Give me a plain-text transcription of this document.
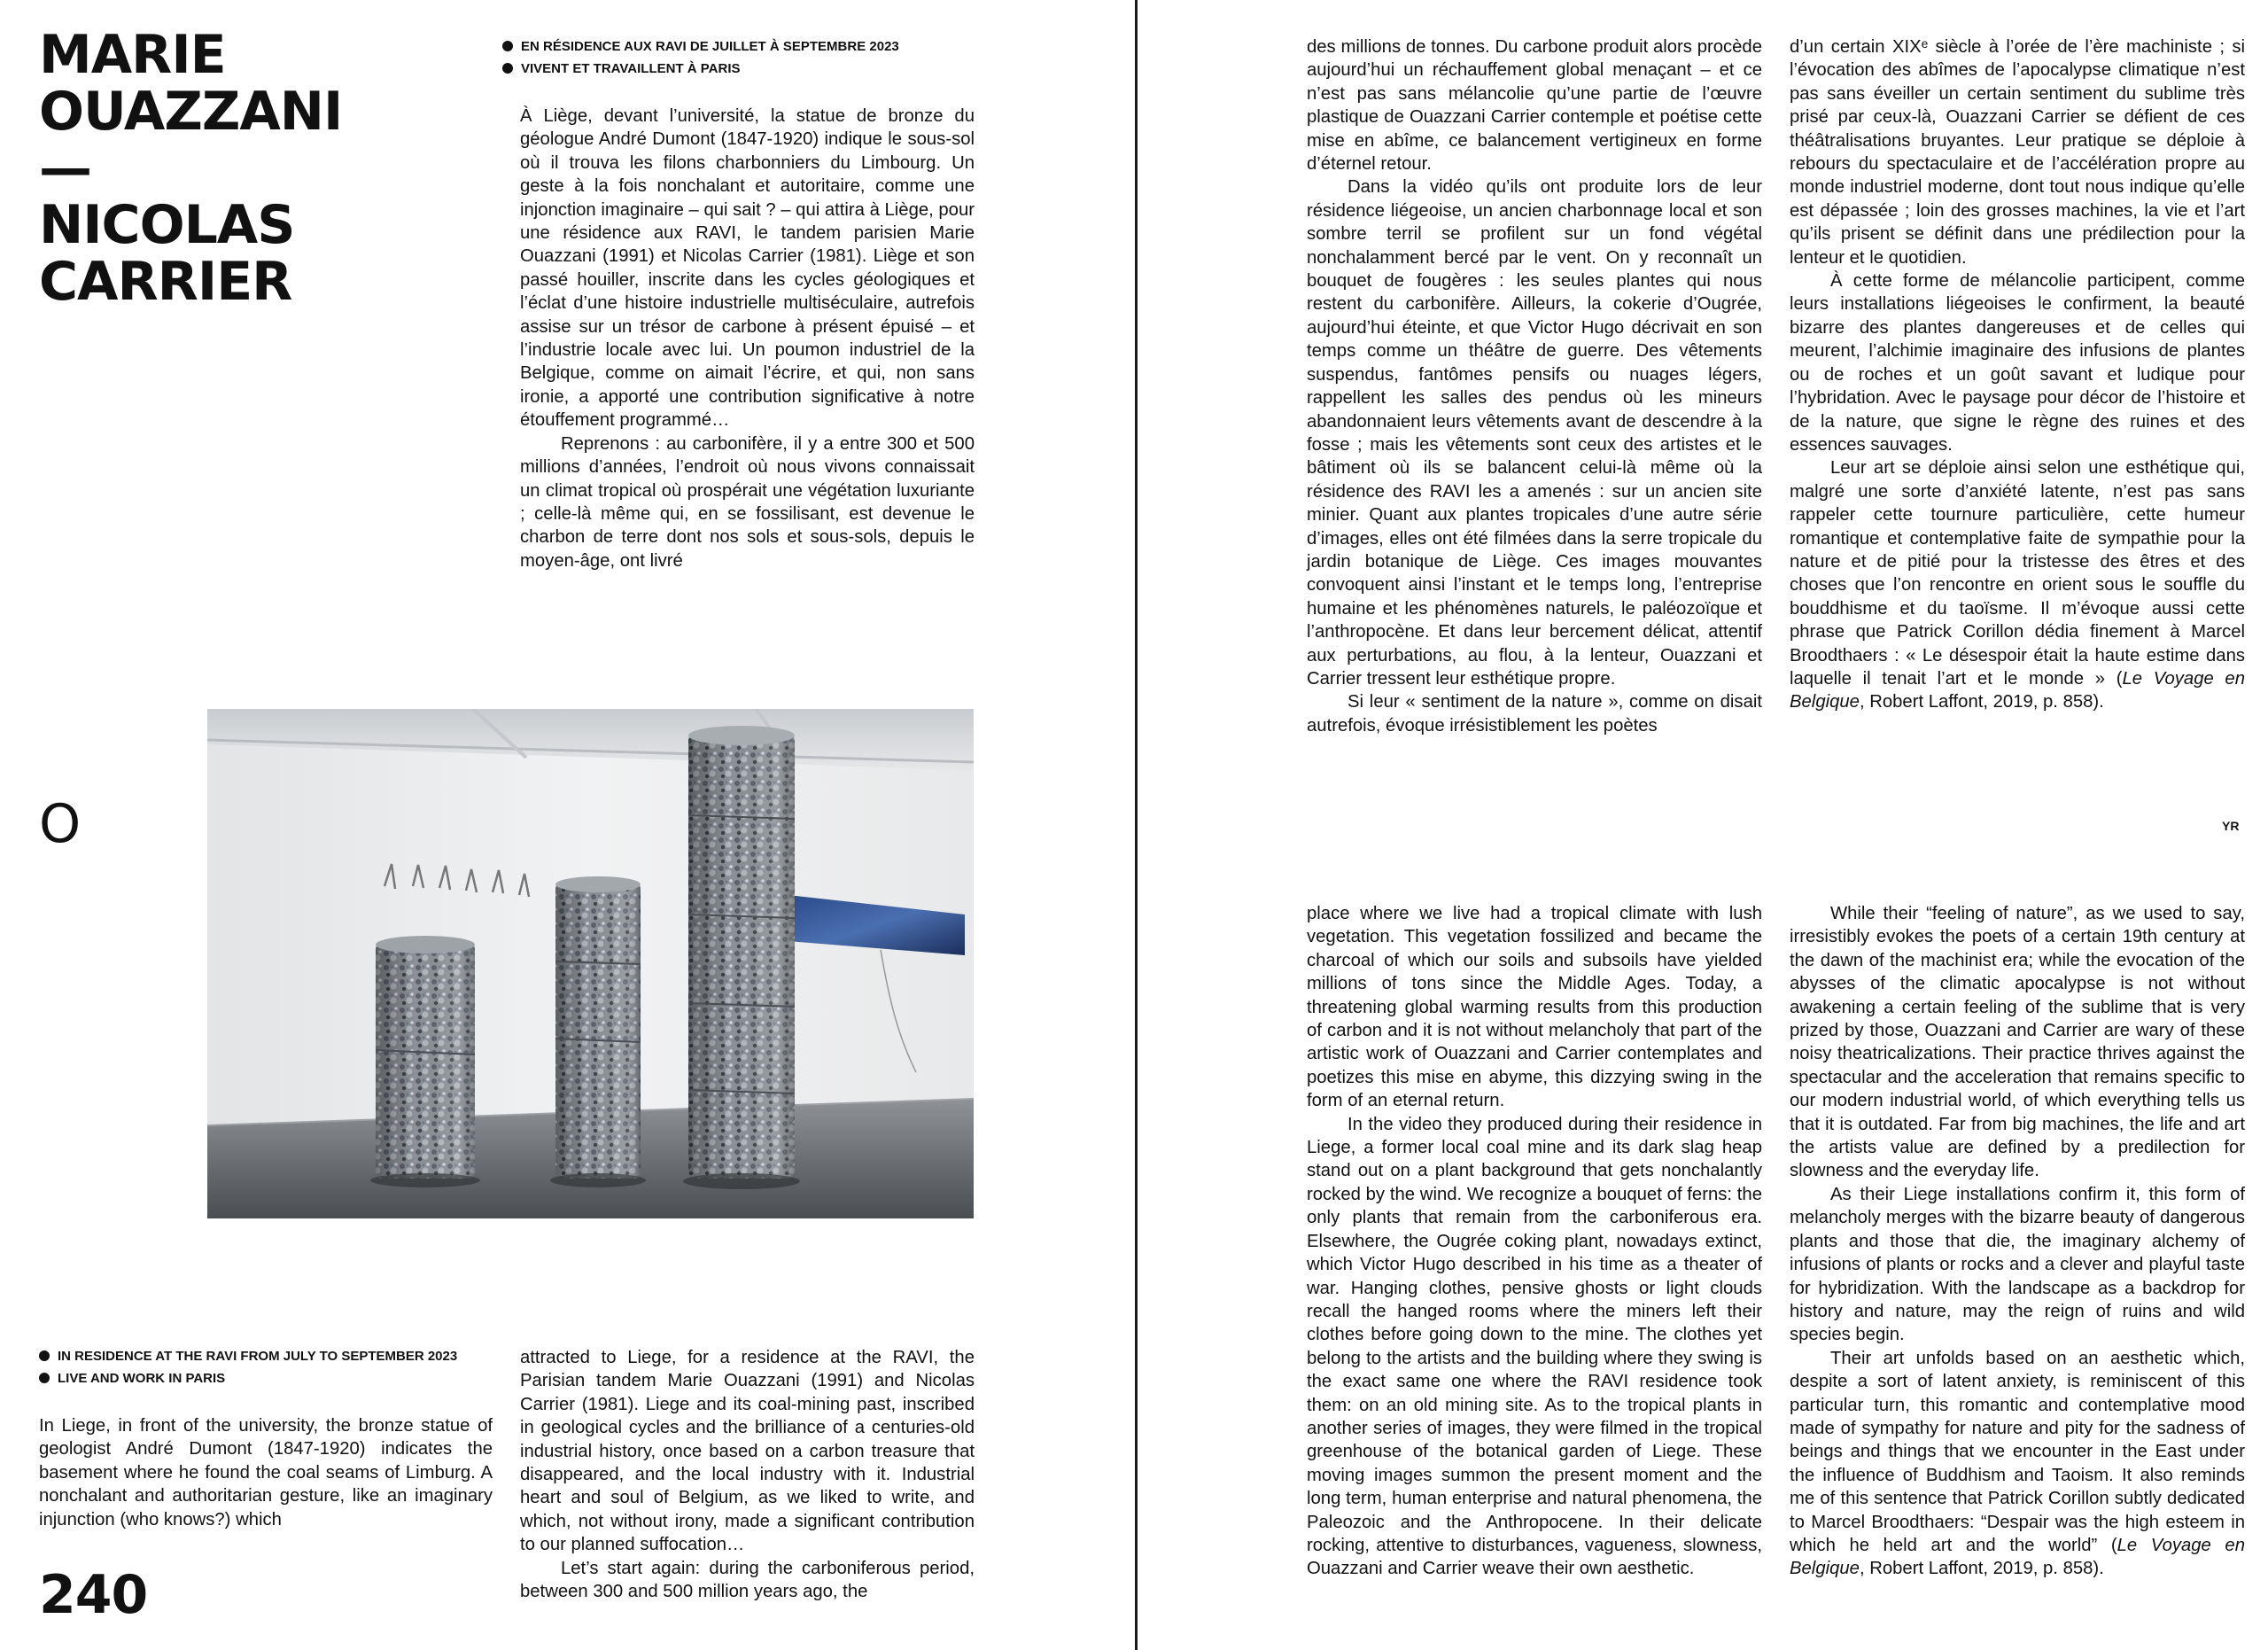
MARIE
OUAZZANI
—
NICOLAS
CARRIER
EN RÉSIDENCE AUX RAVI DE JUILLET À SEPTEMBRE 2023
VIVENT ET TRAVAILLENT À PARIS

À Liège, devant l’université, la statue de bronze du géologue André Dumont (1847-1920) indique le sous-sol où il trouva les filons charbonniers du Limbourg. Un geste à la fois nonchalant et autoritaire, comme une injonction imaginaire – qui sait ? – qui attira à Liège, pour une résidence aux RAVI, le tandem parisien Marie Ouazzani (1991) et Nicolas Carrier (1981). Liège et son passé houiller, inscrite dans les cycles géologiques et l’éclat d’une histoire industrielle multiséculaire, autrefois assise sur un trésor de carbone à présent épuisé – et l’industrie locale avec lui. Un poumon industriel de la Belgique, comme on aimait l’écrire, et qui, non sans ironie, a apporté une contribution significative à notre étouffement programmé…

Reprenons : au carbonifère, il y a entre 300 et 500 millions d’années, l’endroit où nous vivons connaissait un climat tropical où prospérait une végétation luxuriante ; celle-là même qui, en se fossilisant, est devenue le charbon de terre dont nos sols et sous-sols, depuis le moyen-âge, ont livré

O
IN RESIDENCE AT THE RAVI FROM JULY TO SEPTEMBER 2023
LIVE AND WORK IN PARIS

In Liege, in front of the university, the bronze statue of geologist André Dumont (1847-1920) indicates the basement where he found the coal seams of Limburg. A nonchalant and authoritarian gesture, like an imaginary injunction (who knows?) which

attracted to Liege, for a residence at the RAVI, the Parisian tandem Marie Ouazzani (1991) and Nicolas Carrier (1981). Liege and its coal-mining past, inscribed in geological cycles and the brilliance of a centuries-old industrial history, once based on a carbon treasure that disappeared, and the local industry with it. Industrial heart and soul of Belgium, as we liked to write, and which, not without irony, made a significant contribution to our planned suffocation…

Let’s start again: during the carboniferous period, between 300 and 500 million years ago, the

240

des millions de tonnes. Du carbone produit alors procède aujourd’hui un réchauffement global menaçant – et ce n’est pas sans mélancolie qu’une partie de l’œuvre plastique de Ouazzani Carrier contemple et poétise cette mise en abîme, ce balancement vertigineux en forme d’éternel retour.

Dans la vidéo qu’ils ont produite lors de leur résidence liégeoise, un ancien charbonnage local et son sombre terril se profilent sur un fond végétal nonchalamment bercé par le vent. On y reconnaît un bouquet de fougères : les seules plantes qui nous restent du carbonifère. Ailleurs, la cokerie d’Ougrée, aujourd’hui éteinte, et que Victor Hugo décrivait en son temps comme un théâtre de guerre. Des vêtements suspendus, fantômes pensifs ou nuages légers, rappellent les salles des pendus où les mineurs abandonnaient leurs vêtements avant de descendre à la fosse ; mais les vêtements sont ceux des artistes et le bâtiment où ils se balancent celui-là même où la résidence des RAVI les a amenés : sur un ancien site minier. Quant aux plantes tropicales d’une autre série d’images, elles ont été filmées dans la serre tropicale du jardin botanique de Liège. Ces images mouvantes convoquent ainsi l’instant et le temps long, l’entreprise humaine et les phénomènes naturels, le paléozoïque et l’anthropocène. Et dans leur bercement délicat, attentif aux perturbations, au flou, à la lenteur, Ouazzani et Carrier tressent leur esthétique propre.

Si leur « sentiment de la nature », comme on disait autrefois, évoque irrésistiblement les poètes

d’un certain XIXᵉ siècle à l’orée de l’ère machiniste ; si l’évocation des abîmes de l’apocalypse climatique n’est pas sans éveiller un certain sentiment du sublime très prisé par ceux-là, Ouazzani Carrier se défient de ces théâtralisations bruyantes. Leur pratique se déploie à rebours du spectaculaire et de l’accélération propre au monde industriel moderne, dont tout nous indique qu’elle est dépassée ; loin des grosses machines, la vie et l’art qu’ils prisent se définit dans une prédilection pour la lenteur et le quotidien.

À cette forme de mélancolie participent, comme leurs installations liégeoises le confirment, la beauté bizarre des plantes dangereuses et de celles qui meurent, l’alchimie imaginaire des infusions de plantes ou de roches et un goût savant et ludique pour l’hybridation. Avec le paysage pour décor de l’histoire et de la nature, que signe le règne des ruines et des essences sauvages.

Leur art se déploie ainsi selon une esthétique qui, malgré une sorte d’anxiété latente, n’est pas sans rappeler cette tournure particulière, cette humeur romantique et contemplative faite de sympathie pour la nature et de pitié pour la tristesse des êtres et des choses que l’on rencontre en orient sous le souffle du bouddhisme et du taoïsme. Il m’évoque aussi cette phrase que Patrick Corillon dédia finement à Marcel Broodthaers : « Le désespoir était la haute estime dans laquelle il tenait l’art et le monde » (Le Voyage en Belgique, Robert Laffont, 2019, p. 858).

YR

place where we live had a tropical climate with lush vegetation. This vegetation fossilized and became the charcoal of which our soils and subsoils have yielded millions of tons since the Middle Ages. Today, a threatening global warming results from this production of carbon and it is not without melancholy that part of the artistic work of Ouazzani and Carrier contemplates and poetizes this mise en abyme, this dizzying swing in the form of an eternal return.

In the video they produced during their residence in Liege, a former local coal mine and its dark slag heap stand out on a plant background that gets nonchalantly rocked by the wind. We recognize a bouquet of ferns: the only plants that remain from the carboniferous era. Elsewhere, the Ougrée coking plant, nowadays extinct, which Victor Hugo described in his time as a theater of war. Hanging clothes, pensive ghosts or light clouds recall the hanged rooms where the miners left their clothes before going down to the mine. The clothes yet belong to the artists and the building where they swing is the exact same one where the RAVI residence took them: on an old mining site. As to the tropical plants in another series of images, they were filmed in the tropical greenhouse of the botanical garden of Liege. These moving images summon the present moment and the long term, human enterprise and natural phenomena, the Paleozoic and the Anthropocene. In their delicate rocking, attentive to disturbances, vagueness, slowness, Ouazzani and Carrier weave their own aesthetic.

While their “feeling of nature”, as we used to say, irresistibly evokes the poets of a certain 19th century at the dawn of the machinist era; while the evocation of the abysses of the climatic apocalypse is not without awakening a certain feeling of the sublime that is very prized by those, Ouazzani and Carrier are wary of these noisy theatricalizations. Their practice thrives against the spectacular and the acceleration that remains specific to our modern industrial world, of which everything tells us that it is outdated. Far from big machines, the life and art the artists value are defined by a predilection for slowness and the everyday life.

As their Liege installations confirm it, this form of melancholy merges with the bizarre beauty of dangerous plants and those that die, the imaginary alchemy of infusions of plants or rocks and a clever and playful taste for hybridization. With the landscape as a backdrop for history and nature, may the reign of ruins and wild species begin.

Their art unfolds based on an aesthetic which, despite a sort of latent anxiety, is reminiscent of this particular turn, this romantic and contemplative mood made of sympathy for nature and pity for the sadness of beings and things that we encounter in the East under the influence of Buddhism and Taoism. It also reminds me of this sentence that Patrick Corillon subtly dedicated to Marcel Broodthaers: “Despair was the high esteem in which he held art and the world” (Le Voyage en Belgique, Robert Laffont, 2019, p. 858).
